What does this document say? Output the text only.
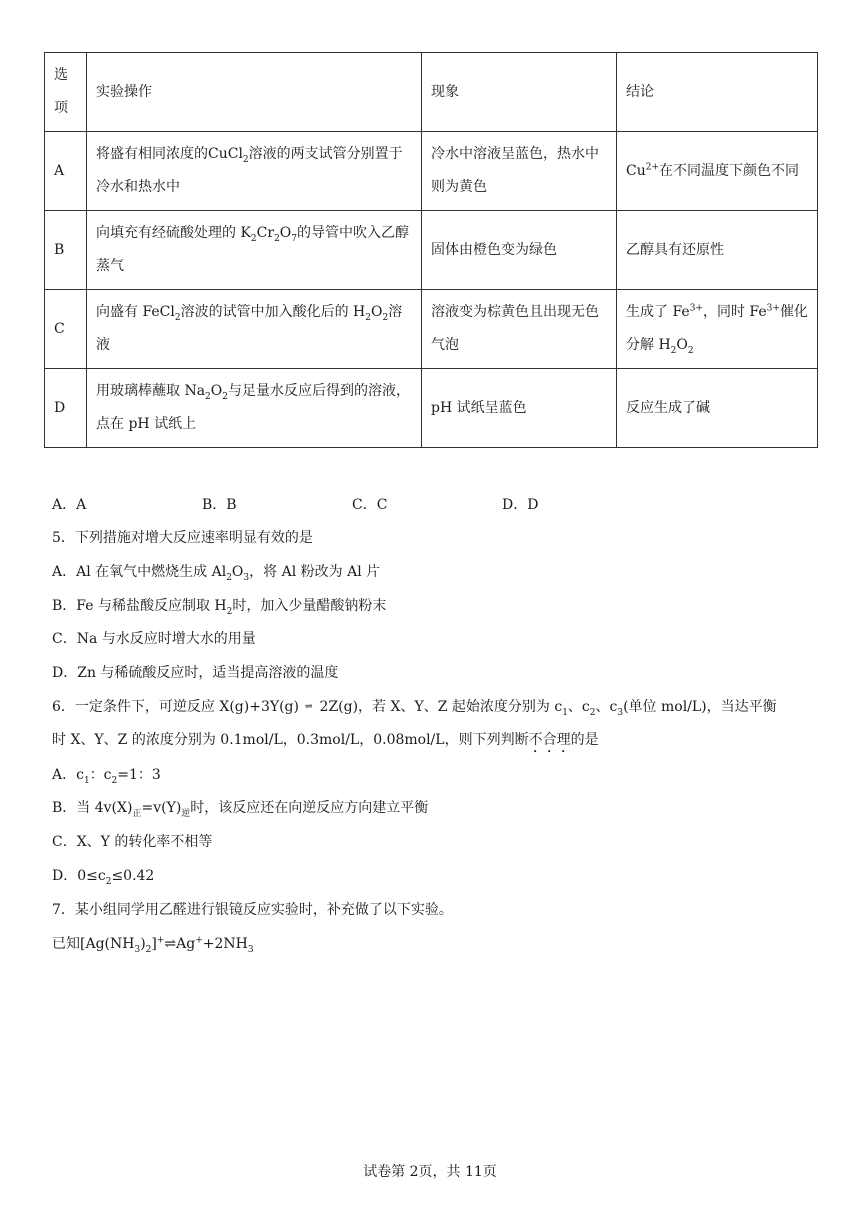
选项	实验操作	现象	结论
A	将盛有相同浓度的CuCl$_2$溶液的两支试管分别置于冷水和热水中	冷水中溶液呈蓝色，热水中则为黄色	$Cu^{2+}$在不同温度下颜色不同
B	向填充有经硫酸处理的 $K_2Cr_2O_7$的导管中吹入乙醇蒸气	固体由橙色变为绿色	乙醇具有还原性
C	向盛有 FeCl$_2$溶波的试管中加入酸化后的 $H_2O_2$溶液	溶液变为棕黄色且出现无色气泡	生成了 $Fe^{3+}$，同时 $Fe^{3+}$催化分解 $H_2O_2$
D	用玻璃棒蘸取 $Na_2O_2$与足量水反应后得到的溶液，点在 pH 试纸上	pH 试纸呈蓝色	反应生成了碱
A．A	B．B	C．C	D．D
5．下列措施对增大反应速率明显有效的是
A．Al 在氧气中燃烧生成 $Al_2O_3$，将 Al 粉改为 Al 片
B．Fe 与稀盐酸反应制取 $H_2$时，加入少量醋酸钠粉末
C．Na 与水反应时增大水的用量
D．Zn 与稀硫酸反应时，适当提高溶液的温度
6．一定条件下，可逆反应 X(g)+3Y(g) ⇌ 2Z(g)，若 X、Y、Z 起始浓度分别为 $c_1$、$c_2$、$c_3$(单位 mol/L)，当达平衡
时 X、Y、Z 的浓度分别为 0.1mol/L，0.3mol/L，0.08mol/L，则下列判断不合理的是
A．$c_1$：$c_2=1$：3
B．当 $4v(X)_正=v(Y)_逆$时，该反应还在向逆反应方向建立平衡
C．X、Y 的转化率不相等
D．$0\le c_2\le 0.42$
7．某小组同学用乙醛进行银镜反应实验时，补充做了以下实验。
已知$[Ag(NH_3)_2]^+\rightleftharpoons Ag^++2NH_3$
试卷第 2页，共 11页
